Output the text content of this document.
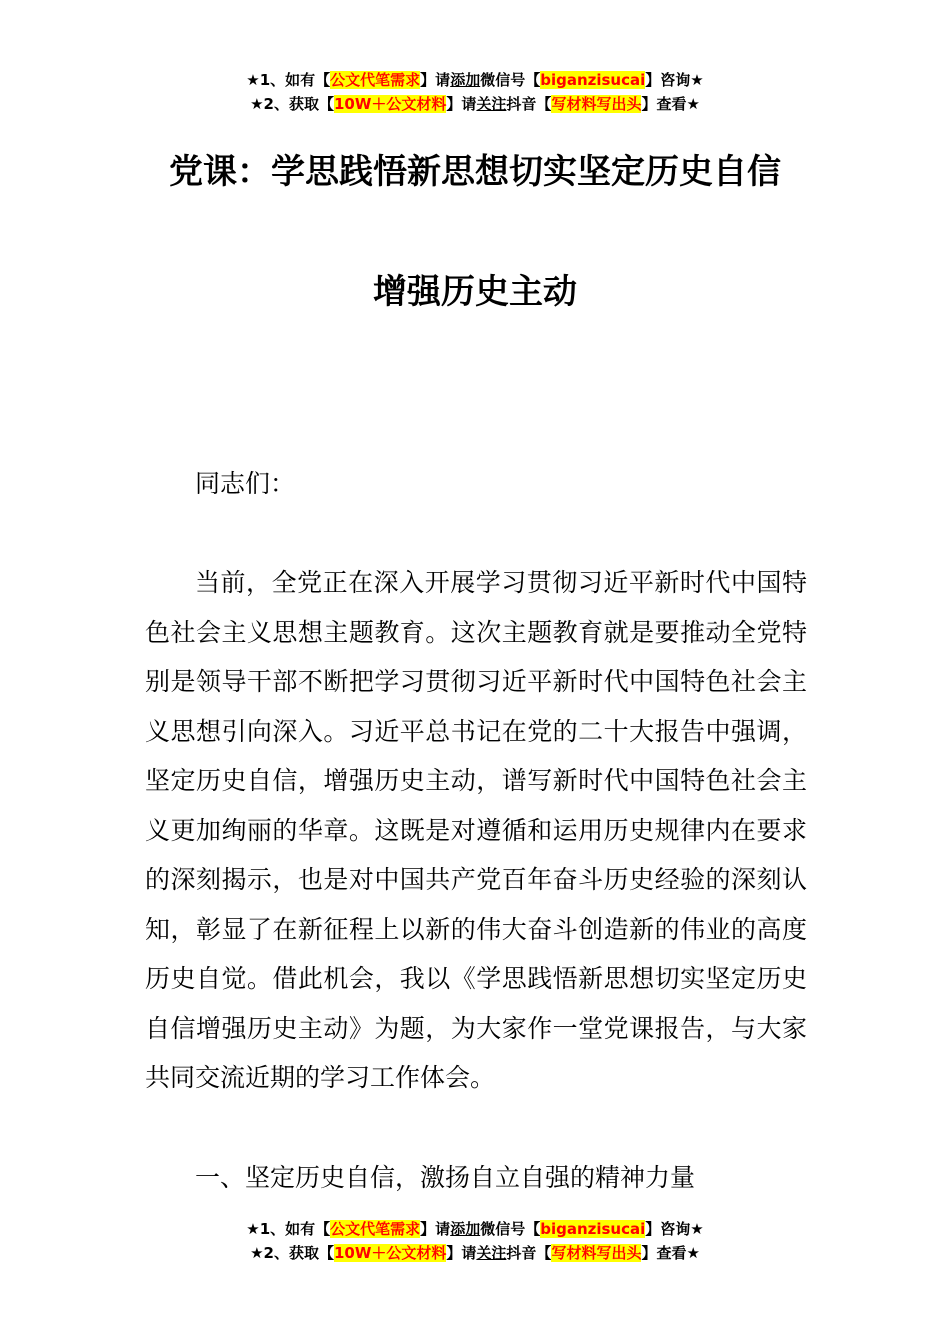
★1、如有【公文代笔需求】请添加微信号【biganzisucai】咨询★
★2、获取【10W＋公文材料】请关注抖音【写材料写出头】查看★
党课：学思践悟新思想切实坚定历史自信
增强历史主动
同志们：
当前，全党正在深入开展学习贯彻习近平新时代中国特色社会主义思想主题教育。这次主题教育就是要推动全党特别是领导干部不断把学习贯彻习近平新时代中国特色社会主义思想引向深入。习近平总书记在党的二十大报告中强调，坚定历史自信，增强历史主动，谱写新时代中国特色社会主义更加绚丽的华章。这既是对遵循和运用历史规律内在要求的深刻揭示，也是对中国共产党百年奋斗历史经验的深刻认知，彰显了在新征程上以新的伟大奋斗创造新的伟业的高度历史自觉。借此机会，我以《学思践悟新思想切实坚定历史自信增强历史主动》为题，为大家作一堂党课报告，与大家共同交流近期的学习工作体会。
一、坚定历史自信，激扬自立自强的精神力量
★1、如有【公文代笔需求】请添加微信号【biganzisucai】咨询★
★2、获取【10W＋公文材料】请关注抖音【写材料写出头】查看★
